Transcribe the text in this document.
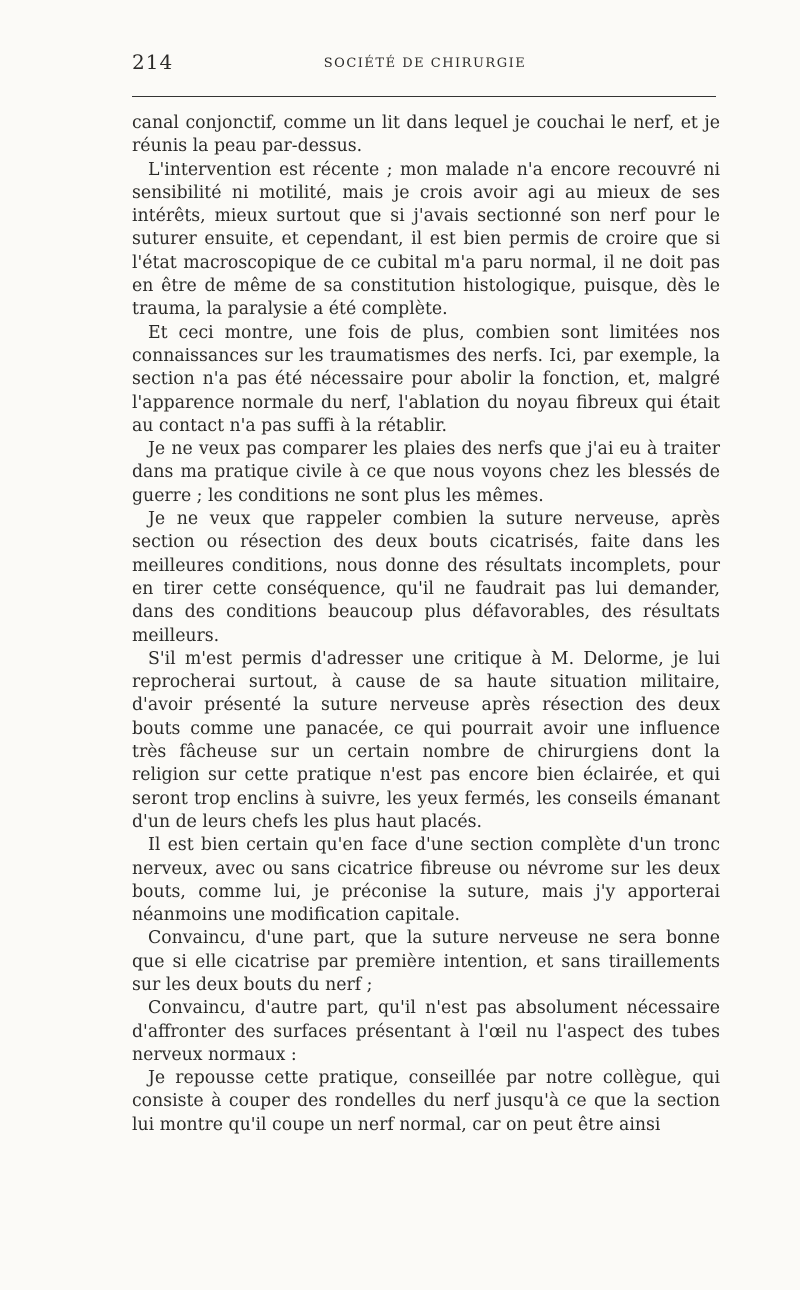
214	SOCIÉTÉ DE CHIRURGIE

canal conjonctif, comme un lit dans lequel je couchai le nerf, et je réunis la peau par-dessus.

L'intervention est récente ; mon malade n'a encore recouvré ni sensibilité ni motilité, mais je crois avoir agi au mieux de ses intérêts, mieux surtout que si j'avais sectionné son nerf pour le suturer ensuite, et cependant, il est bien permis de croire que si l'état macroscopique de ce cubital m'a paru normal, il ne doit pas en être de même de sa constitution histologique, puisque, dès le trauma, la paralysie a été complète.

Et ceci montre, une fois de plus, combien sont limitées nos connaissances sur les traumatismes des nerfs. Ici, par exemple, la section n'a pas été nécessaire pour abolir la fonction, et, malgré l'apparence normale du nerf, l'ablation du noyau fibreux qui était au contact n'a pas suffi à la rétablir.

Je ne veux pas comparer les plaies des nerfs que j'ai eu à traiter dans ma pratique civile à ce que nous voyons chez les blessés de guerre ; les conditions ne sont plus les mêmes.

Je ne veux que rappeler combien la suture nerveuse, après section ou résection des deux bouts cicatrisés, faite dans les meilleures conditions, nous donne des résultats incomplets, pour en tirer cette conséquence, qu'il ne faudrait pas lui demander, dans des conditions beaucoup plus défavorables, des résultats meilleurs.

S'il m'est permis d'adresser une critique à M. Delorme, je lui reprocherai surtout, à cause de sa haute situation militaire, d'avoir présenté la suture nerveuse après résection des deux bouts comme une panacée, ce qui pourrait avoir une influence très fâcheuse sur un certain nombre de chirurgiens dont la religion sur cette pratique n'est pas encore bien éclairée, et qui seront trop enclins à suivre, les yeux fermés, les conseils émanant d'un de leurs chefs les plus haut placés.

Il est bien certain qu'en face d'une section complète d'un tronc nerveux, avec ou sans cicatrice fibreuse ou névrome sur les deux bouts, comme lui, je préconise la suture, mais j'y apporterai néanmoins une modification capitale.

Convaincu, d'une part, que la suture nerveuse ne sera bonne que si elle cicatrise par première intention, et sans tiraillements sur les deux bouts du nerf ;

Convaincu, d'autre part, qu'il n'est pas absolument nécessaire d'affronter des surfaces présentant à l'œil nu l'aspect des tubes nerveux normaux :

Je repousse cette pratique, conseillée par notre collègue, qui consiste à couper des rondelles du nerf jusqu'à ce que la section lui montre qu'il coupe un nerf normal, car on peut être ainsi
